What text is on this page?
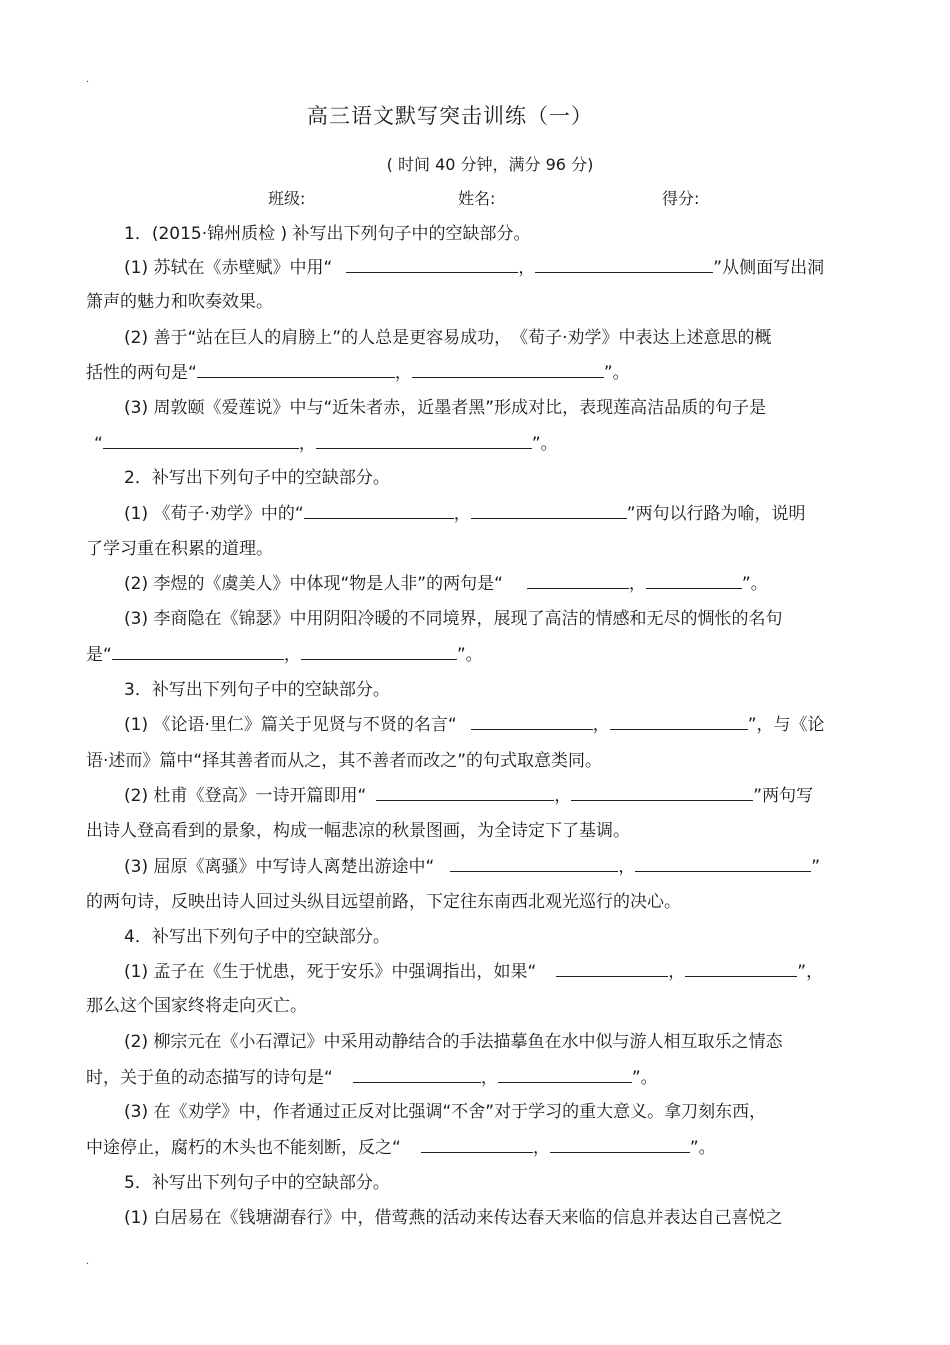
.
.
高三语文默写突击训练（一）
( 时间 40 分钟，满分 96 分)
班级:	姓名:	得分:
1．(2015·锦州质检 ) 补写出下列句子中的空缺部分。
(1) 苏轼在《赤壁赋》中用“	，	”从侧面写出洞
箫声的魅力和吹奏效果。
(2) 善于“站在巨人的肩膀上”的人总是更容易成功，　《荀子·劝学》中表达上述意思的概
括性的两句是“	，	”。
(3) 周敦颐《爱莲说》中与“近朱者赤，近墨者黑”形成对比，表现莲高洁品质的句子是
“	，	”。
2．补写出下列句子中的空缺部分。
(1) 《荀子·劝学》中的“	，	”两句以行路为喻，说明
了学习重在积累的道理。
(2) 李煜的《虞美人》中体现“物是人非”的两句是“	，	”。
(3) 李商隐在《锦瑟》中用阴阳冷暖的不同境界，展现了高洁的情感和无尽的惆怅的名句
是“	，	”。
3．补写出下列句子中的空缺部分。
(1) 《论语·里仁》篇关于见贤与不贤的名言“	，	”，与《论
语·述而》篇中“择其善者而从之，其不善者而改之”的句式取意类同。
(2) 杜甫《登高》一诗开篇即用“	，	”两句写
出诗人登高看到的景象，构成一幅悲凉的秋景图画，为全诗定下了基调。
(3) 屈原《离骚》中写诗人离楚出游途中“	，	”
的两句诗，反映出诗人回过头纵目远望前路，下定往东南西北观光巡行的决心。
4．补写出下列句子中的空缺部分。
(1) 孟子在《生于忧患，死于安乐》中强调指出，如果“	，	”，
那么这个国家终将走向灭亡。
(2) 柳宗元在《小石潭记》中采用动静结合的手法描摹鱼在水中似与游人相互取乐之情态
时，关于鱼的动态描写的诗句是“	，	”。
(3) 在《劝学》中，作者通过正反对比强调“不舍”对于学习的重大意义。拿刀刻东西，
中途停止，腐朽的木头也不能刻断，反之“	，	”。
5．补写出下列句子中的空缺部分。
(1) 白居易在《钱塘湖春行》中，借莺燕的活动来传达春天来临的信息并表达自己喜悦之
